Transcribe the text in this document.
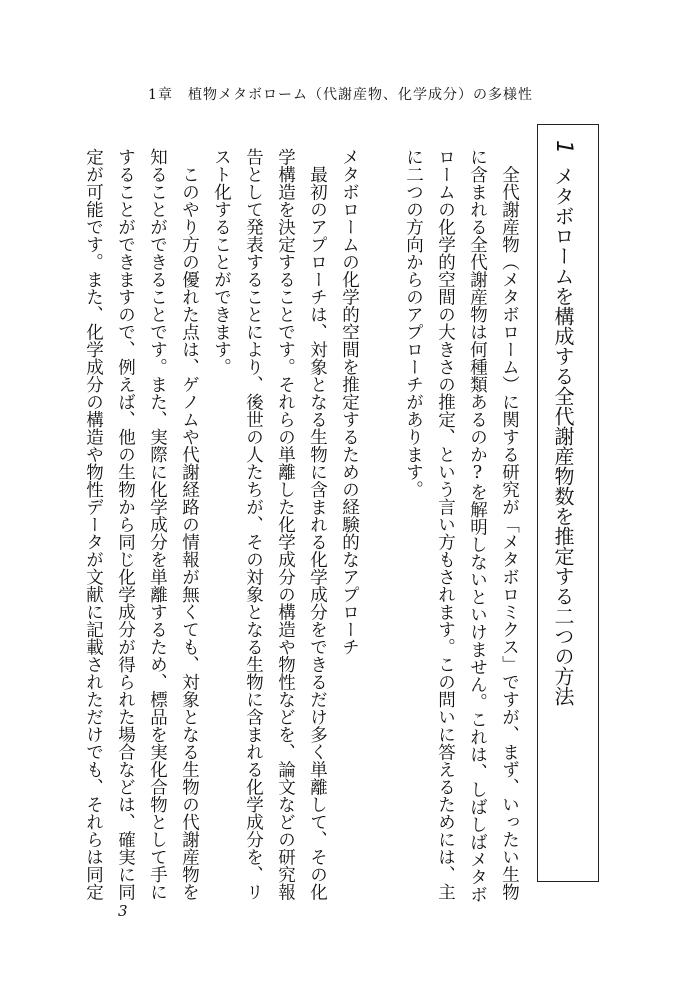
1章　植物メタボローム（代謝産物、化学成分）の多様性
1メタボロームを構成する全代謝産物数を推定する二つの方法
　全代謝産物（メタボローム）に関する研究が「メタボロミクス」ですが、まず、いったい生物
に含まれる全代謝産物は何種類あるのか?を解明しないといけません。これは、しばしばメタボ
ロームの化学的空間の大きさの推定、という言い方もされます。この問いに答えるためには、主
に二つの方向からのアプローチがあります。
メタボロームの化学的空間を推定するための経験的なアプローチ
　最初のアプローチは、対象となる生物に含まれる化学成分をできるだけ多く単離して、その化
学構造を決定することです。それらの単離した化学成分の構造や物性などを、論文などの研究報
告として発表することにより、後世の人たちが、その対象となる生物に含まれる化学成分を、リ
スト化することができます。
　このやり方の優れた点は、ゲノムや代謝経路の情報が無くても、対象となる生物の代謝産物を
知ることができることです。また、実際に化学成分を単離するため、標品を実化合物として手に
することができますので、例えば、他の生物から同じ化学成分が得られた場合などは、確実に同
定が可能です。また、化学成分の構造や物性データが文献に記載されただけでも、それらは同定
3
